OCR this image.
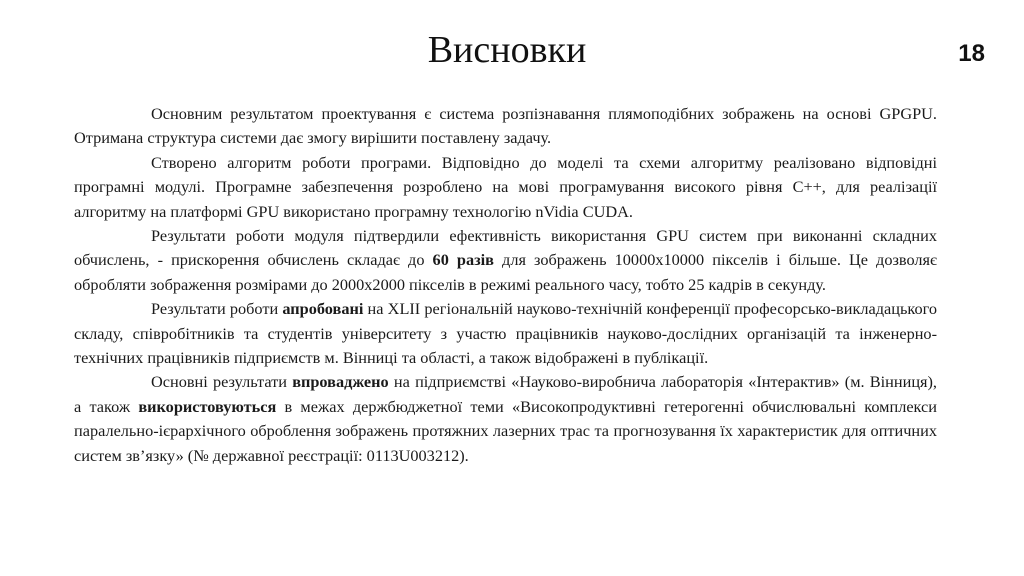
Висновки	18

Основним результатом проектування є система розпізнавання плямоподібних зображень на основі GPGPU. Отримана структура системи дає змогу вирішити поставлену задачу.

Створено алгоритм роботи програми. Відповідно до моделі та схеми алгоритму реалізовано відповідні програмні модулі. Програмне забезпечення розроблено на мові програмування високого рівня C++, для реалізації алгоритму на платформі GPU використано програмну технологію nVidia CUDA.

Результати роботи модуля підтвердили ефективність використання GPU систем при виконанні складних обчислень, - прискорення обчислень складає до 60 разів для зображень 10000x10000 пікселів і більше. Це дозволяє обробляти зображення розмірами до 2000x2000 пікселів в режимі реального часу, тобто 25 кадрів в секунду.

Результати роботи апробовані на XLII регіональній науково-технічній конференції професорсько-викладацького складу, співробітників та студентів університету з участю працівників науково-дослідних організацій та інженерно-технічних працівників підприємств м. Вінниці та області, а також відображені в публікації.

Основні результати впроваджено на підприємстві «Науково-виробнича лабораторія «Інтерактив» (м. Вінниця), а також використовуються в межах держбюджетної теми «Високопродуктивні гетерогенні обчислювальні комплекси паралельно-ієрархічного оброблення зображень протяжних лазерних трас та прогнозування їх характеристик для оптичних систем зв’язку» (№ державної реєстрації: 0113U003212).
